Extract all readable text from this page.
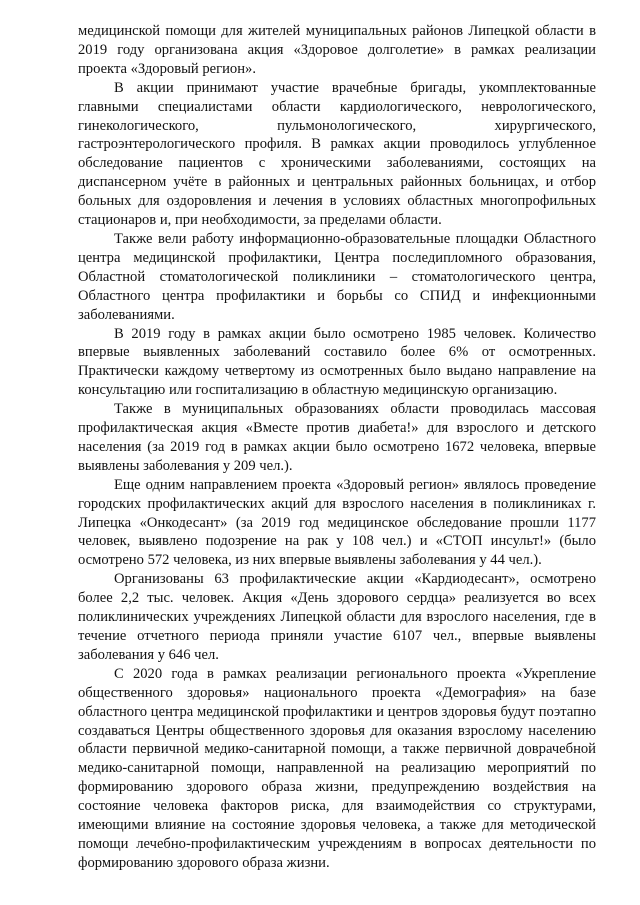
медицинской помощи для жителей муниципальных районов Липецкой области в 2019 году организована акция «Здоровое долголетие» в рамках реализации проекта «Здоровый регион».

В акции принимают участие врачебные бригады, укомплектованные главными специалистами области кардиологического, неврологического, гинекологического, пульмонологического, хирургического, гастроэнтерологического профиля. В рамках акции проводилось углубленное обследование пациентов с хроническими заболеваниями, состоящих на диспансерном учёте в районных и центральных районных больницах, и отбор больных для оздоровления и лечения в условиях областных многопрофильных стационаров и, при необходимости, за пределами области.

Также вели работу информационно-образовательные площадки Областного центра медицинской профилактики, Центра последипломного образования, Областной стоматологической поликлиники – стоматологического центра, Областного центра профилактики и борьбы со СПИД и инфекционными заболеваниями.

В 2019 году в рамках акции было осмотрено 1985 человек. Количество впервые выявленных заболеваний составило более 6% от осмотренных. Практически каждому четвертому из осмотренных было выдано направление на консультацию или госпитализацию в областную медицинскую организацию.

Также в муниципальных образованиях области проводилась массовая профилактическая акция «Вместе против диабета!» для взрослого и детского населения (за 2019 год в рамках акции было осмотрено 1672 человека, впервые выявлены заболевания у 209 чел.).

Еще одним направлением проекта «Здоровый регион» являлось проведение городских профилактических акций для взрослого населения в поликлиниках г. Липецка «Онкодесант» (за 2019 год медицинское обследование прошли 1177 человек, выявлено подозрение на рак у 108 чел.) и «СТОП инсульт!» (было осмотрено 572 человека, из них впервые выявлены заболевания у 44 чел.).

Организованы 63 профилактические акции «Кардиодесант», осмотрено более 2,2 тыс. человек. Акция «День здорового сердца» реализуется во всех поликлинических учреждениях Липецкой области для взрослого населения, где в течение отчетного периода приняли участие 6107 чел., впервые выявлены заболевания у 646 чел.

С 2020 года в рамках реализации регионального проекта «Укрепление общественного здоровья» национального проекта «Демография» на базе областного центра медицинской профилактики и центров здоровья будут поэтапно создаваться Центры общественного здоровья для оказания взрослому населению области первичной медико-санитарной помощи, а также первичной доврачебной медико-санитарной помощи, направленной на реализацию мероприятий по формированию здорового образа жизни, предупреждению воздействия на состояние человека факторов риска, для взаимодействия со структурами, имеющими влияние на состояние здоровья человека, а также для методической помощи лечебно-профилактическим учреждениям в вопросах деятельности по формированию здорового образа жизни.
